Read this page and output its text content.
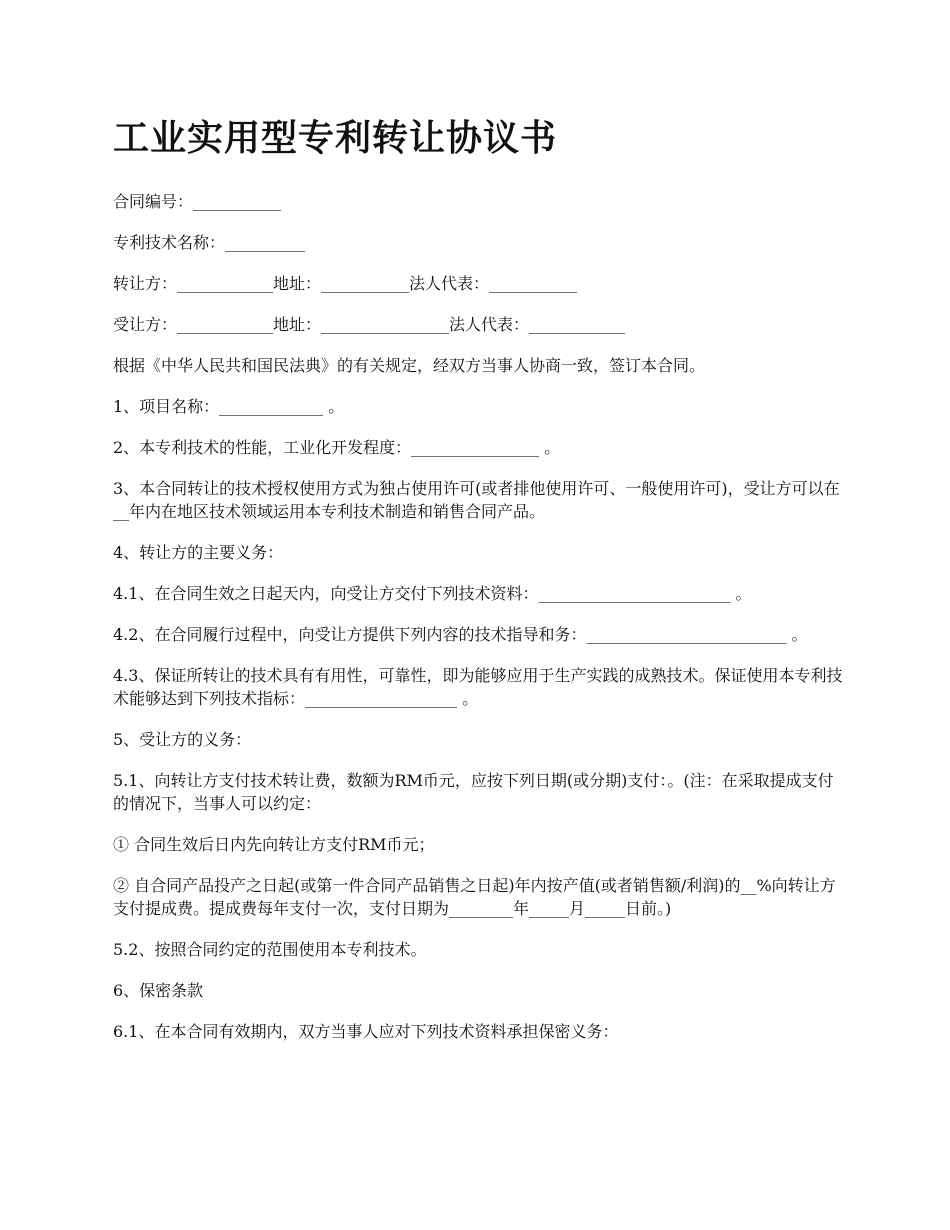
工业实用型专利转让协议书

合同编号：___________

专利技术名称：__________

转让方：____________地址：___________法人代表：___________

受让方：____________地址：________________法人代表：____________

根据《中华人民共和国民法典》的有关规定，经双方当事人协商一致，签订本合同。

1、项目名称：_____________ 。

2、本专利技术的性能，工业化开发程度：________________ 。

3、本合同转让的技术授权使用方式为独占使用许可(或者排他使用许可、一般使用许可)，受让方可以在__年内在地区技术领域运用本专利技术制造和销售合同产品。

4、转让方的主要义务：

4.1、在合同生效之日起天内，向受让方交付下列技术资料：________________________ 。

4.2、在合同履行过程中，向受让方提供下列内容的技术指导和务：_________________________ 。

4.3、保证所转让的技术具有有用性，可靠性，即为能够应用于生产实践的成熟技术。保证使用本专利技术能够达到下列技术指标：___________________ 。

5、受让方的义务：

5.1、向转让方支付技术转让费，数额为RM币元，应按下列日期(或分期)支付：。(注：在采取提成支付的情况下，当事人可以约定：

① 合同生效后日内先向转让方支付RM币元；

② 自合同产品投产之日起(或第一件合同产品销售之日起)年内按产值(或者销售额/利润)的__%向转让方支付提成费。提成费每年支付一次，支付日期为________年_____月_____日前。)

5.2、按照合同约定的范围使用本专利技术。

6、保密条款

6.1、在本合同有效期内，双方当事人应对下列技术资料承担保密义务：
